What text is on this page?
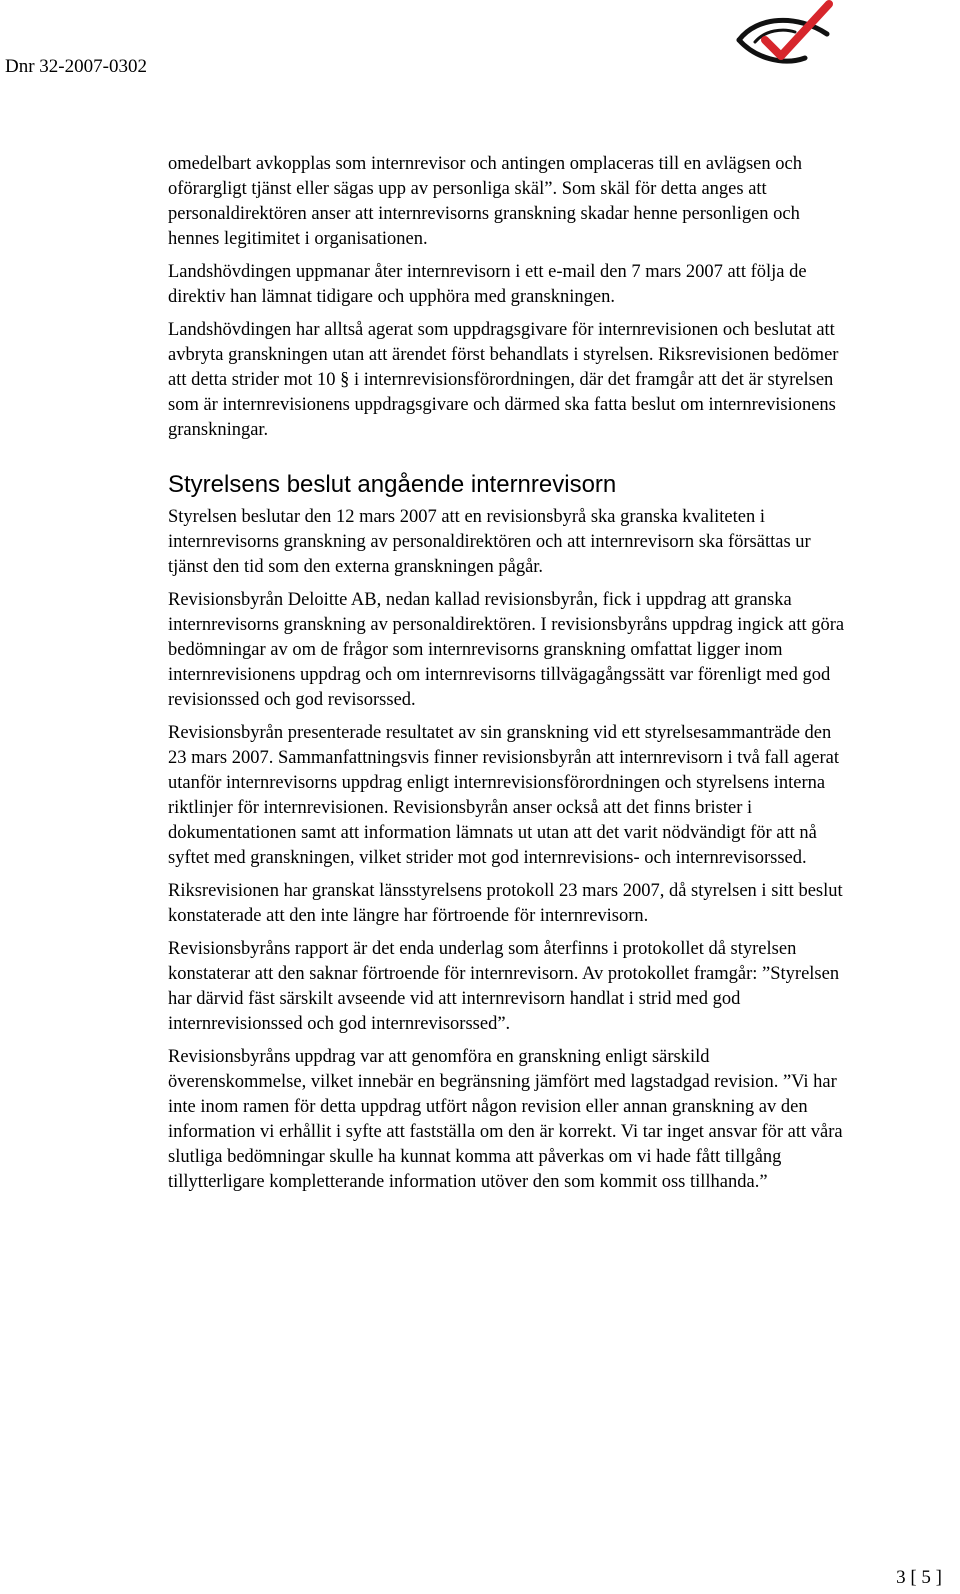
Dnr 32-2007-0302

omedelbart avkopplas som internrevisor och antingen omplaceras till en avlägsen och oförargligt tjänst eller sägas upp av personliga skäl”. Som skäl för detta anges att personaldirektören anser att internrevisorns granskning skadar henne personligen och hennes legitimitet i organisationen.

Landshövdingen uppmanar åter internrevisorn i ett e-mail den 7 mars 2007 att följa de direktiv han lämnat tidigare och upphöra med granskningen.

Landshövdingen har alltså agerat som uppdragsgivare för internrevisionen och beslutat att avbryta granskningen utan att ärendet först behandlats i styrelsen. Riksrevisionen bedömer att detta strider mot 10 § i internrevisionsförordningen, där det framgår att det är styrelsen som är internrevisionens uppdragsgivare och därmed ska fatta beslut om internrevisionens granskningar.

Styrelsens beslut angående internrevisorn

Styrelsen beslutar den 12 mars 2007 att en revisionsbyrå ska granska kvaliteten i internrevisorns granskning av personaldirektören och att internrevisorn ska försättas ur tjänst den tid som den externa granskningen pågår.

Revisionsbyrån Deloitte AB, nedan kallad revisionsbyrån, fick i uppdrag att granska internrevisorns granskning av personaldirektören. I revisionsbyråns uppdrag ingick att göra bedömningar av om de frågor som internrevisorns granskning omfattat ligger inom internrevisionens uppdrag och om internrevisorns tillvägagångssätt var förenligt med god revisionssed och god revisorssed.

Revisionsbyrån presenterade resultatet av sin granskning vid ett styrelsesammanträde den 23 mars 2007. Sammanfattningsvis finner revisionsbyrån att internrevisorn i två fall agerat utanför internrevisorns uppdrag enligt internrevisionsförordningen och styrelsens interna riktlinjer för internrevisionen. Revisionsbyrån anser också att det finns brister i dokumentationen samt att information lämnats ut utan att det varit nödvändigt för att nå syftet med granskningen, vilket strider mot god internrevisions- och internrevisorssed.

Riksrevisionen har granskat länsstyrelsens protokoll 23 mars 2007, då styrelsen i sitt beslut konstaterade att den inte längre har förtroende för internrevisorn.

Revisionsbyråns rapport är det enda underlag som återfinns i protokollet då styrelsen konstaterar att den saknar förtroende för internrevisorn. Av protokollet framgår: ”Styrelsen har därvid fäst särskilt avseende vid att internrevisorn handlat i strid med god internrevisionssed och god internrevisorssed”.

Revisionsbyråns uppdrag var att genomföra en granskning enligt särskild överenskommelse, vilket innebär en begränsning jämfört med lagstadgad revision. ”Vi har inte inom ramen för detta uppdrag utfört någon revision eller annan granskning av den information vi erhållit i syfte att fastställa om den är korrekt. Vi tar inget ansvar för att våra slutliga bedömningar skulle ha kunnat komma att påverkas om vi hade fått tillgång tillytterligare kompletterande information utöver den som kommit oss tillhanda.”

3 [ 5 ]
